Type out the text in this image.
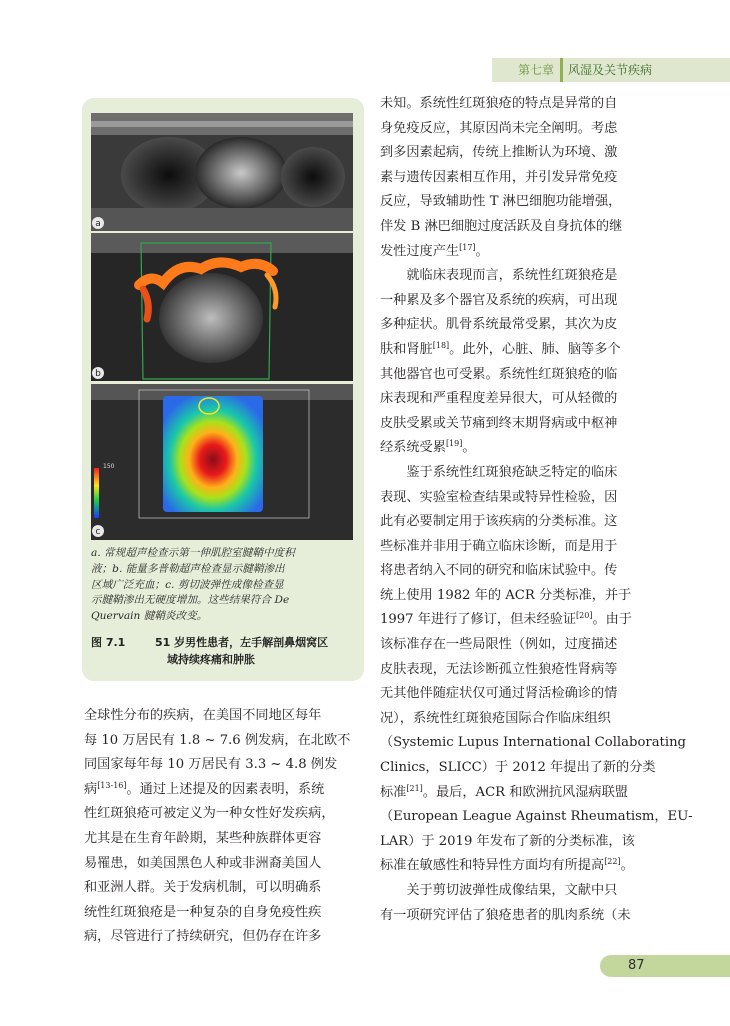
第七章 风湿及关节疾病
a
b
150
c
a. 常规超声检查示第一伸肌腔室腱鞘中度积
液；b. 能量多普勒超声检查显示腱鞘渗出
区域广泛充血；c. 剪切波弹性成像检查显
示腱鞘渗出无硬度增加。这些结果符合 De
Quervain 腱鞘炎改变。
图 7.1	51 岁男性患者，左手解剖鼻烟窝区
域持续疼痛和肿胀

全球性分布的疾病，在美国不同地区每年

每 10 万居民有 1.8 ~ 7.6 例发病，在北欧不

同国家每年每 10 万居民有 3.3 ~ 4.8 例发

病[13-16]。通过上述提及的因素表明，系统

性红斑狼疮可被定义为一种女性好发疾病，

尤其是在生育年龄期，某些种族群体更容

易罹患，如美国黑色人种或非洲裔美国人

和亚洲人群。关于发病机制，可以明确系

统性红斑狼疮是一种复杂的自身免疫性疾

病，尽管进行了持续研究，但仍存在许多

未知。系统性红斑狼疮的特点是异常的自

身免疫反应，其原因尚未完全阐明。考虑

到多因素起病，传统上推断认为环境、激

素与遗传因素相互作用，并引发异常免疫

反应，导致辅助性 T 淋巴细胞功能增强，

伴发 B 淋巴细胞过度活跃及自身抗体的继

发性过度产生[17]。

　　就临床表现而言，系统性红斑狼疮是

一种累及多个器官及系统的疾病，可出现

多种症状。肌骨系统最常受累，其次为皮

肤和肾脏[18]。此外，心脏、肺、脑等多个

其他器官也可受累。系统性红斑狼疮的临

床表现和严重程度差异很大，可从轻微的

皮肤受累或关节痛到终末期肾病或中枢神

经系统受累[19]。

　　鉴于系统性红斑狼疮缺乏特定的临床

表现、实验室检查结果或特异性检验，因

此有必要制定用于该疾病的分类标准。这

些标准并非用于确立临床诊断，而是用于

将患者纳入不同的研究和临床试验中。传

统上使用 1982 年的 ACR 分类标准，并于

1997 年进行了修订，但未经验证[20]。由于

该标准存在一些局限性（例如，过度描述

皮肤表现，无法诊断孤立性狼疮性肾病等

无其他伴随症状仅可通过肾活检确诊的情

况），系统性红斑狼疮国际合作临床组织

（Systemic Lupus International Collaborating

Clinics，SLICC）于 2012 年提出了新的分类

标准[21]。最后，ACR 和欧洲抗风湿病联盟

（European League Against Rheumatism，EU-

LAR）于 2019 年发布了新的分类标准，该

标准在敏感性和特异性方面均有所提高[22]。

　　关于剪切波弹性成像结果，文献中只

有一项研究评估了狼疮患者的肌肉系统（未

87
